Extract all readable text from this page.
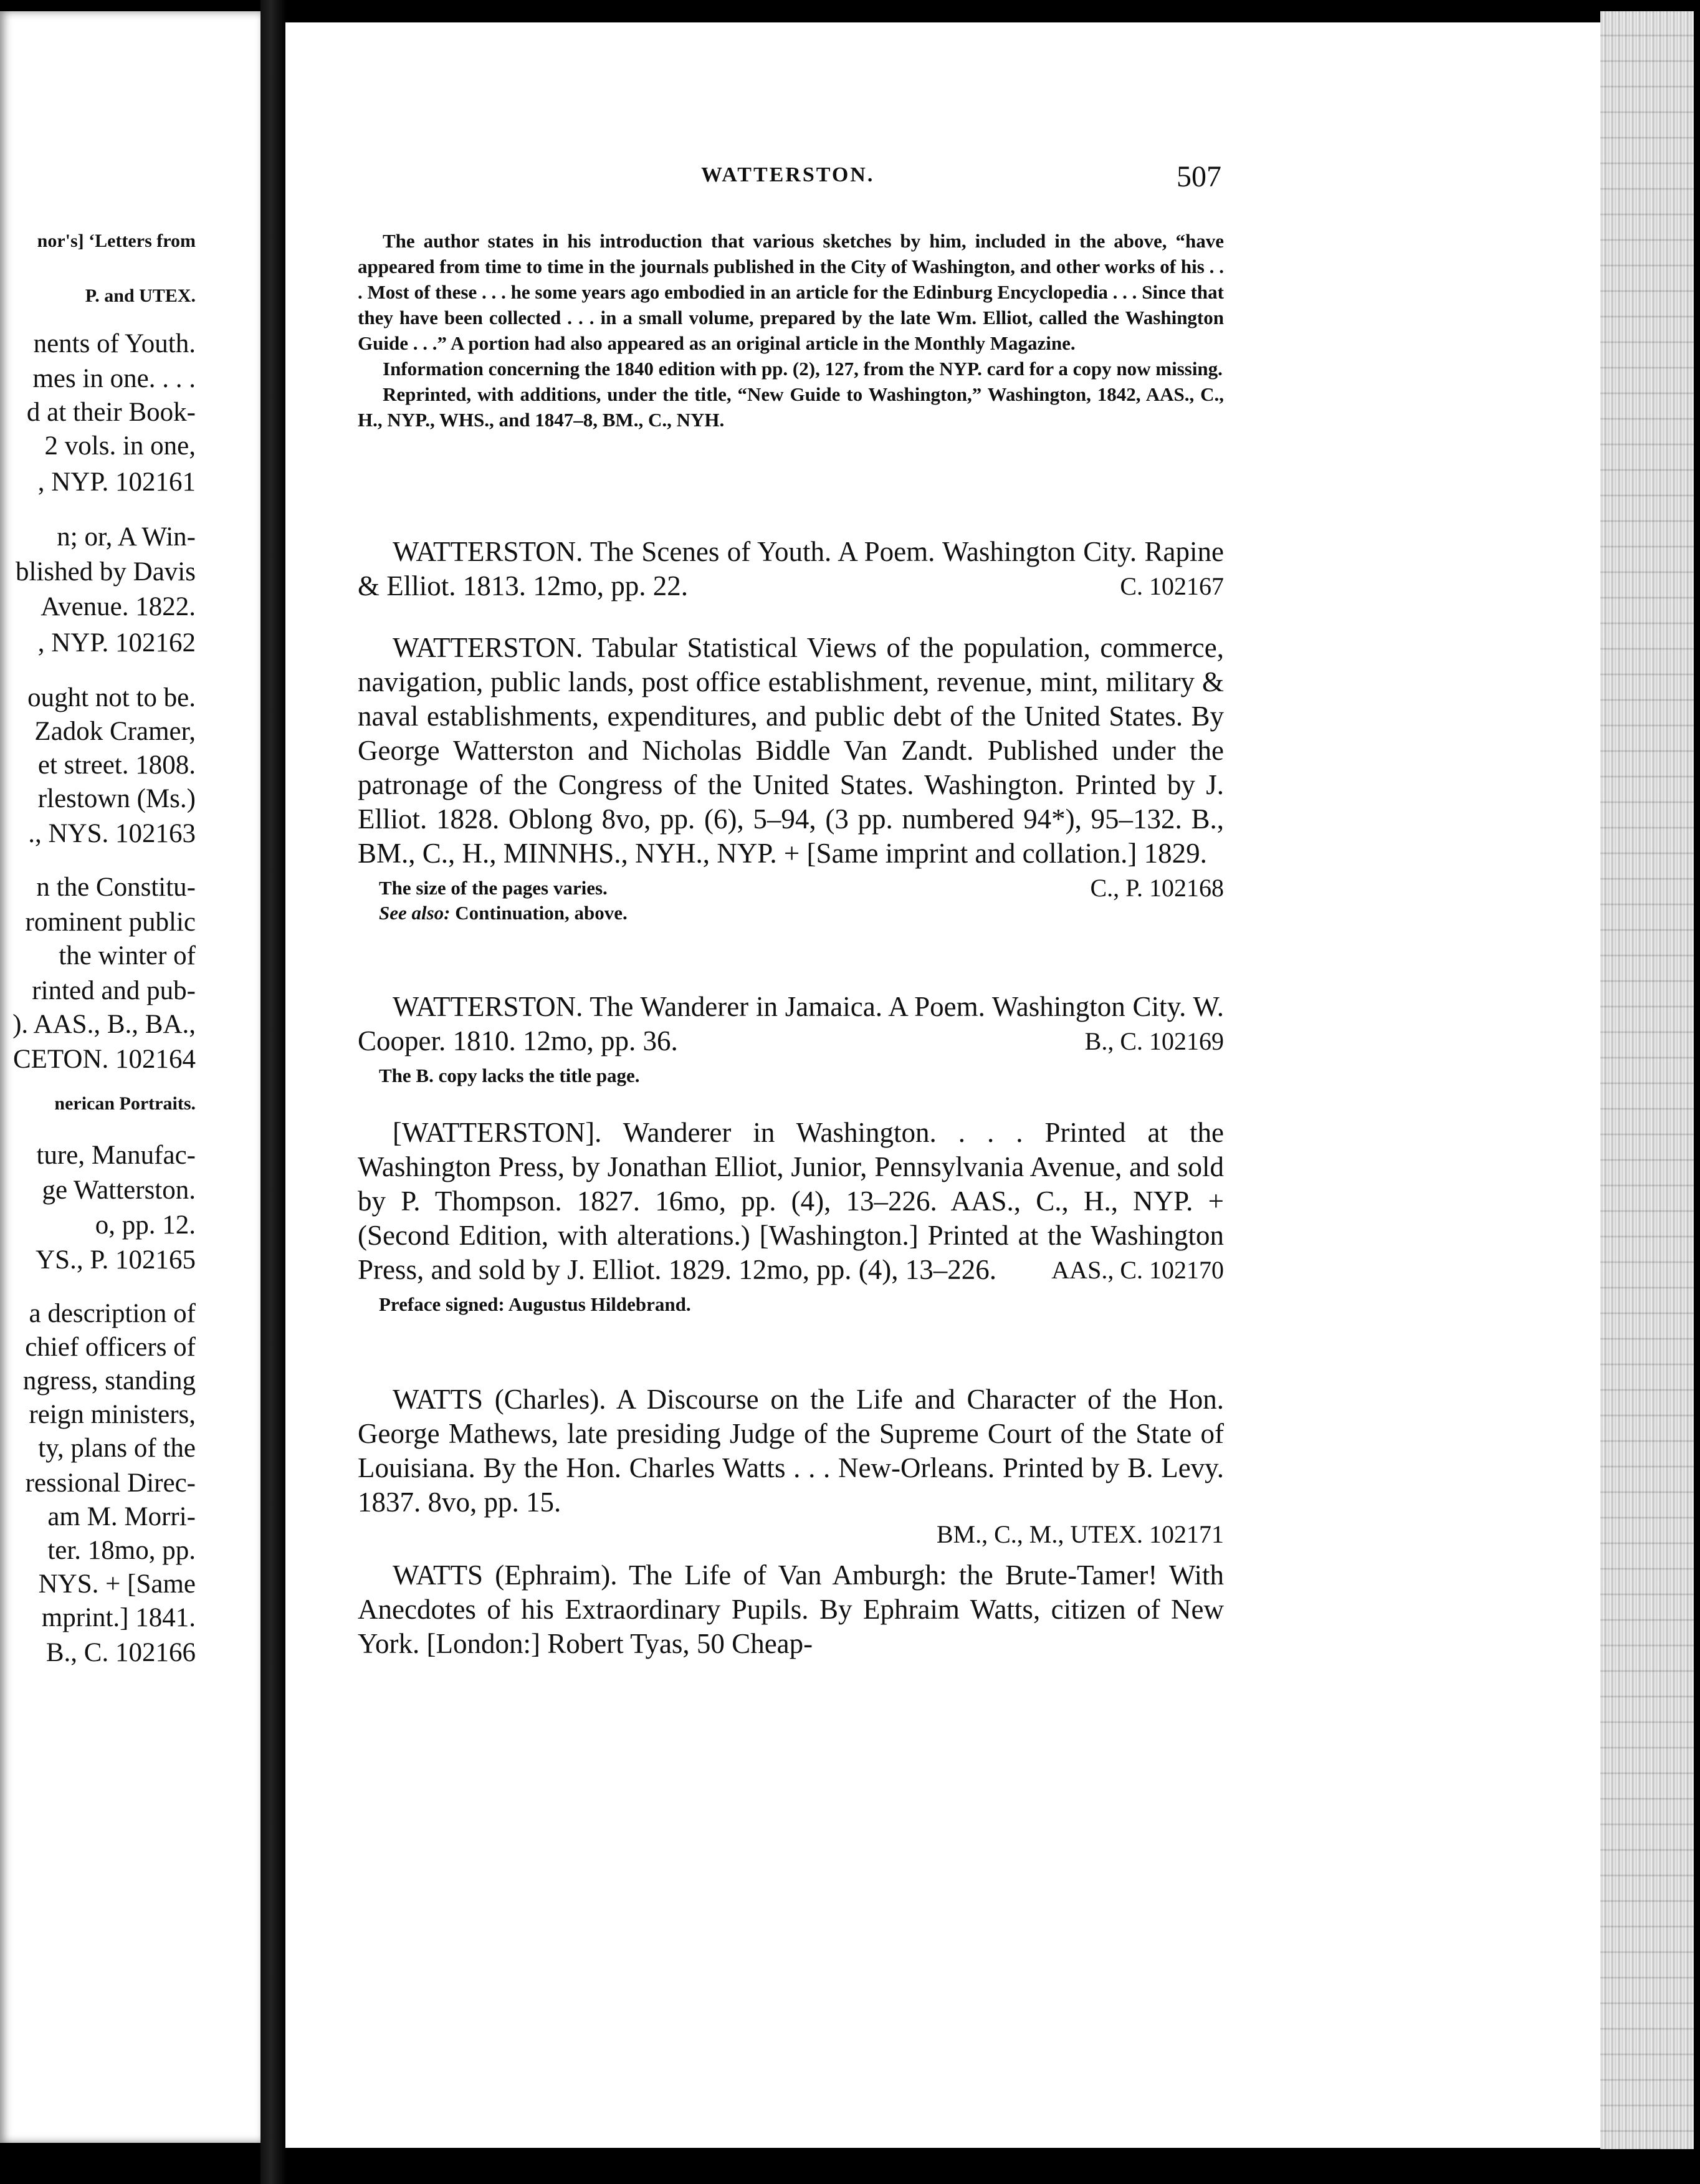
nor's] ‘Letters from
P. and UTEX.
nents of Youth.
mes in one. . . .
d at their Book-
2 vols. in one,
, NYP. 102161
n; or, A Win-
blished by Davis
Avenue. 1822.
, NYP. 102162
ought not to be.
Zadok Cramer,
et street. 1808.
rlestown (Ms.)
., NYS. 102163
n the Constitu-
rominent public
the winter of
rinted and pub-
). AAS., B., BA.,
CETON. 102164
nerican Portraits.
ture, Manufac-
ge Watterston.
o, pp. 12.
YS., P. 102165
a description of
chief officers of
ngress, standing
reign ministers,
ty, plans of the
ressional Direc-
am M. Morri-
ter. 18mo, pp.
NYS. + [Same
mprint.] 1841.
B., C. 102166
WATTERSTON.	507

The author states in his introduction that various sketches by him, included in the above, “have appeared from time to time in the journals published in the City of Washington, and other works of his . . . Most of these . . . he some years ago embodied in an article for the Edinburg Encyclopedia . . . Since that they have been collected . . . in a small volume, prepared by the late Wm. Elliot, called the Washington Guide . . .” A portion had also appeared as an original article in the Monthly Magazine.

Information concerning the 1840 edition with pp. (2), 127, from the NYP. card for a copy now missing.

Reprinted, with additions, under the title, “New Guide to Washington,” Washington, 1842, AAS., C., H., NYP., WHS., and 1847–8, BM., C., NYH.

WATTERSTON. The Scenes of Youth. A Poem. Washington City. Rapine & Elliot. 1813. 12mo, pp. 22.	C. 102167

WATTERSTON. Tabular Statistical Views of the population, commerce, navigation, public lands, post office establishment, revenue, mint, military & naval establishments, expenditures, and public debt of the United States. By George Watterston and Nicholas Biddle Van Zandt. Published under the patronage of the Congress of the United States. Washington. Printed by J. Elliot. 1828. Oblong 8vo, pp. (6), 5–94, (3 pp. numbered 94*), 95–132. B., BM., C., H., MINNHS., NYH., NYP. + [Same imprint and collation.] 1829.

The size of the pages varies.	C., P. 102168
See also: Continuation, above.

WATTERSTON. The Wanderer in Jamaica. A Poem. Washington City. W. Cooper. 1810. 12mo, pp. 36.	B., C. 102169

The B. copy lacks the title page.

[WATTERSTON]. Wanderer in Washington. . . . Printed at the Washington Press, by Jonathan Elliot, Junior, Pennsylvania Avenue, and sold by P. Thompson. 1827. 16mo, pp. (4), 13–226. AAS., C., H., NYP. + (Second Edition, with alterations.) [Washington.] Printed at the Washington Press, and sold by J. Elliot. 1829. 12mo, pp. (4), 13–226.	AAS., C. 102170

Preface signed: Augustus Hildebrand.

WATTS (Charles). A Discourse on the Life and Character of the Hon. George Mathews, late presiding Judge of the Supreme Court of the State of Louisiana. By the Hon. Charles Watts . . . New-Orleans. Printed by B. Levy. 1837. 8vo, pp. 15.

BM., C., M., UTEX. 102171

WATTS (Ephraim). The Life of Van Amburgh: the Brute-Tamer! With Anecdotes of his Extraordinary Pupils. By Ephraim Watts, citizen of New York. [London:] Robert Tyas, 50 Cheap-
